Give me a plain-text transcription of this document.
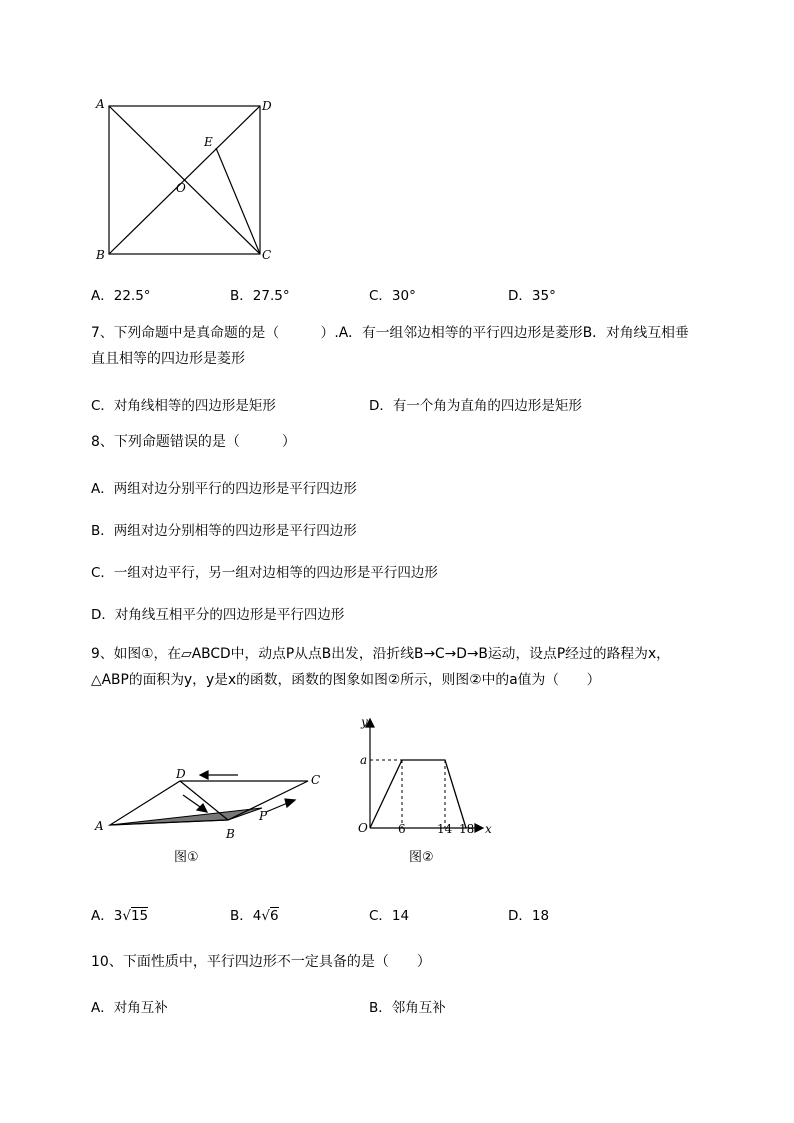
A	D
B	C
E
O
A．22.5°	B．27.5°	C．30°	D．35°
7、下列命题中是真命题的是（　　　）.A．有一组邻边相等的平行四边形是菱形B．对角线互相垂
直且相等的四边形是菱形
C．对角线相等的四边形是矩形	D．有一个角为直角的四边形是矩形
8、下列命题错误的是（　　　）
A．两组对边分别平行的四边形是平行四边形
B．两组对边分别相等的四边形是平行四边形
C．一组对边平行，另一组对边相等的四边形是平行四边形
D．对角线互相平分的四边形是平行四边形
9、如图①，在▱ABCD中，动点P从点B出发，沿折线B→C→D→B运动，设点P经过的路程为x，
△ABP的面积为y，y是x的函数，函数的图象如图②所示，则图②中的a值为（　　）
A
D	C
B
P
图①
y
a
O	6	14 18 x
图②
A．3√15	B．4√6	C．14	D．18
10、下面性质中，平行四边形不一定具备的是（　　）
A．对角互补	B．邻角互补
